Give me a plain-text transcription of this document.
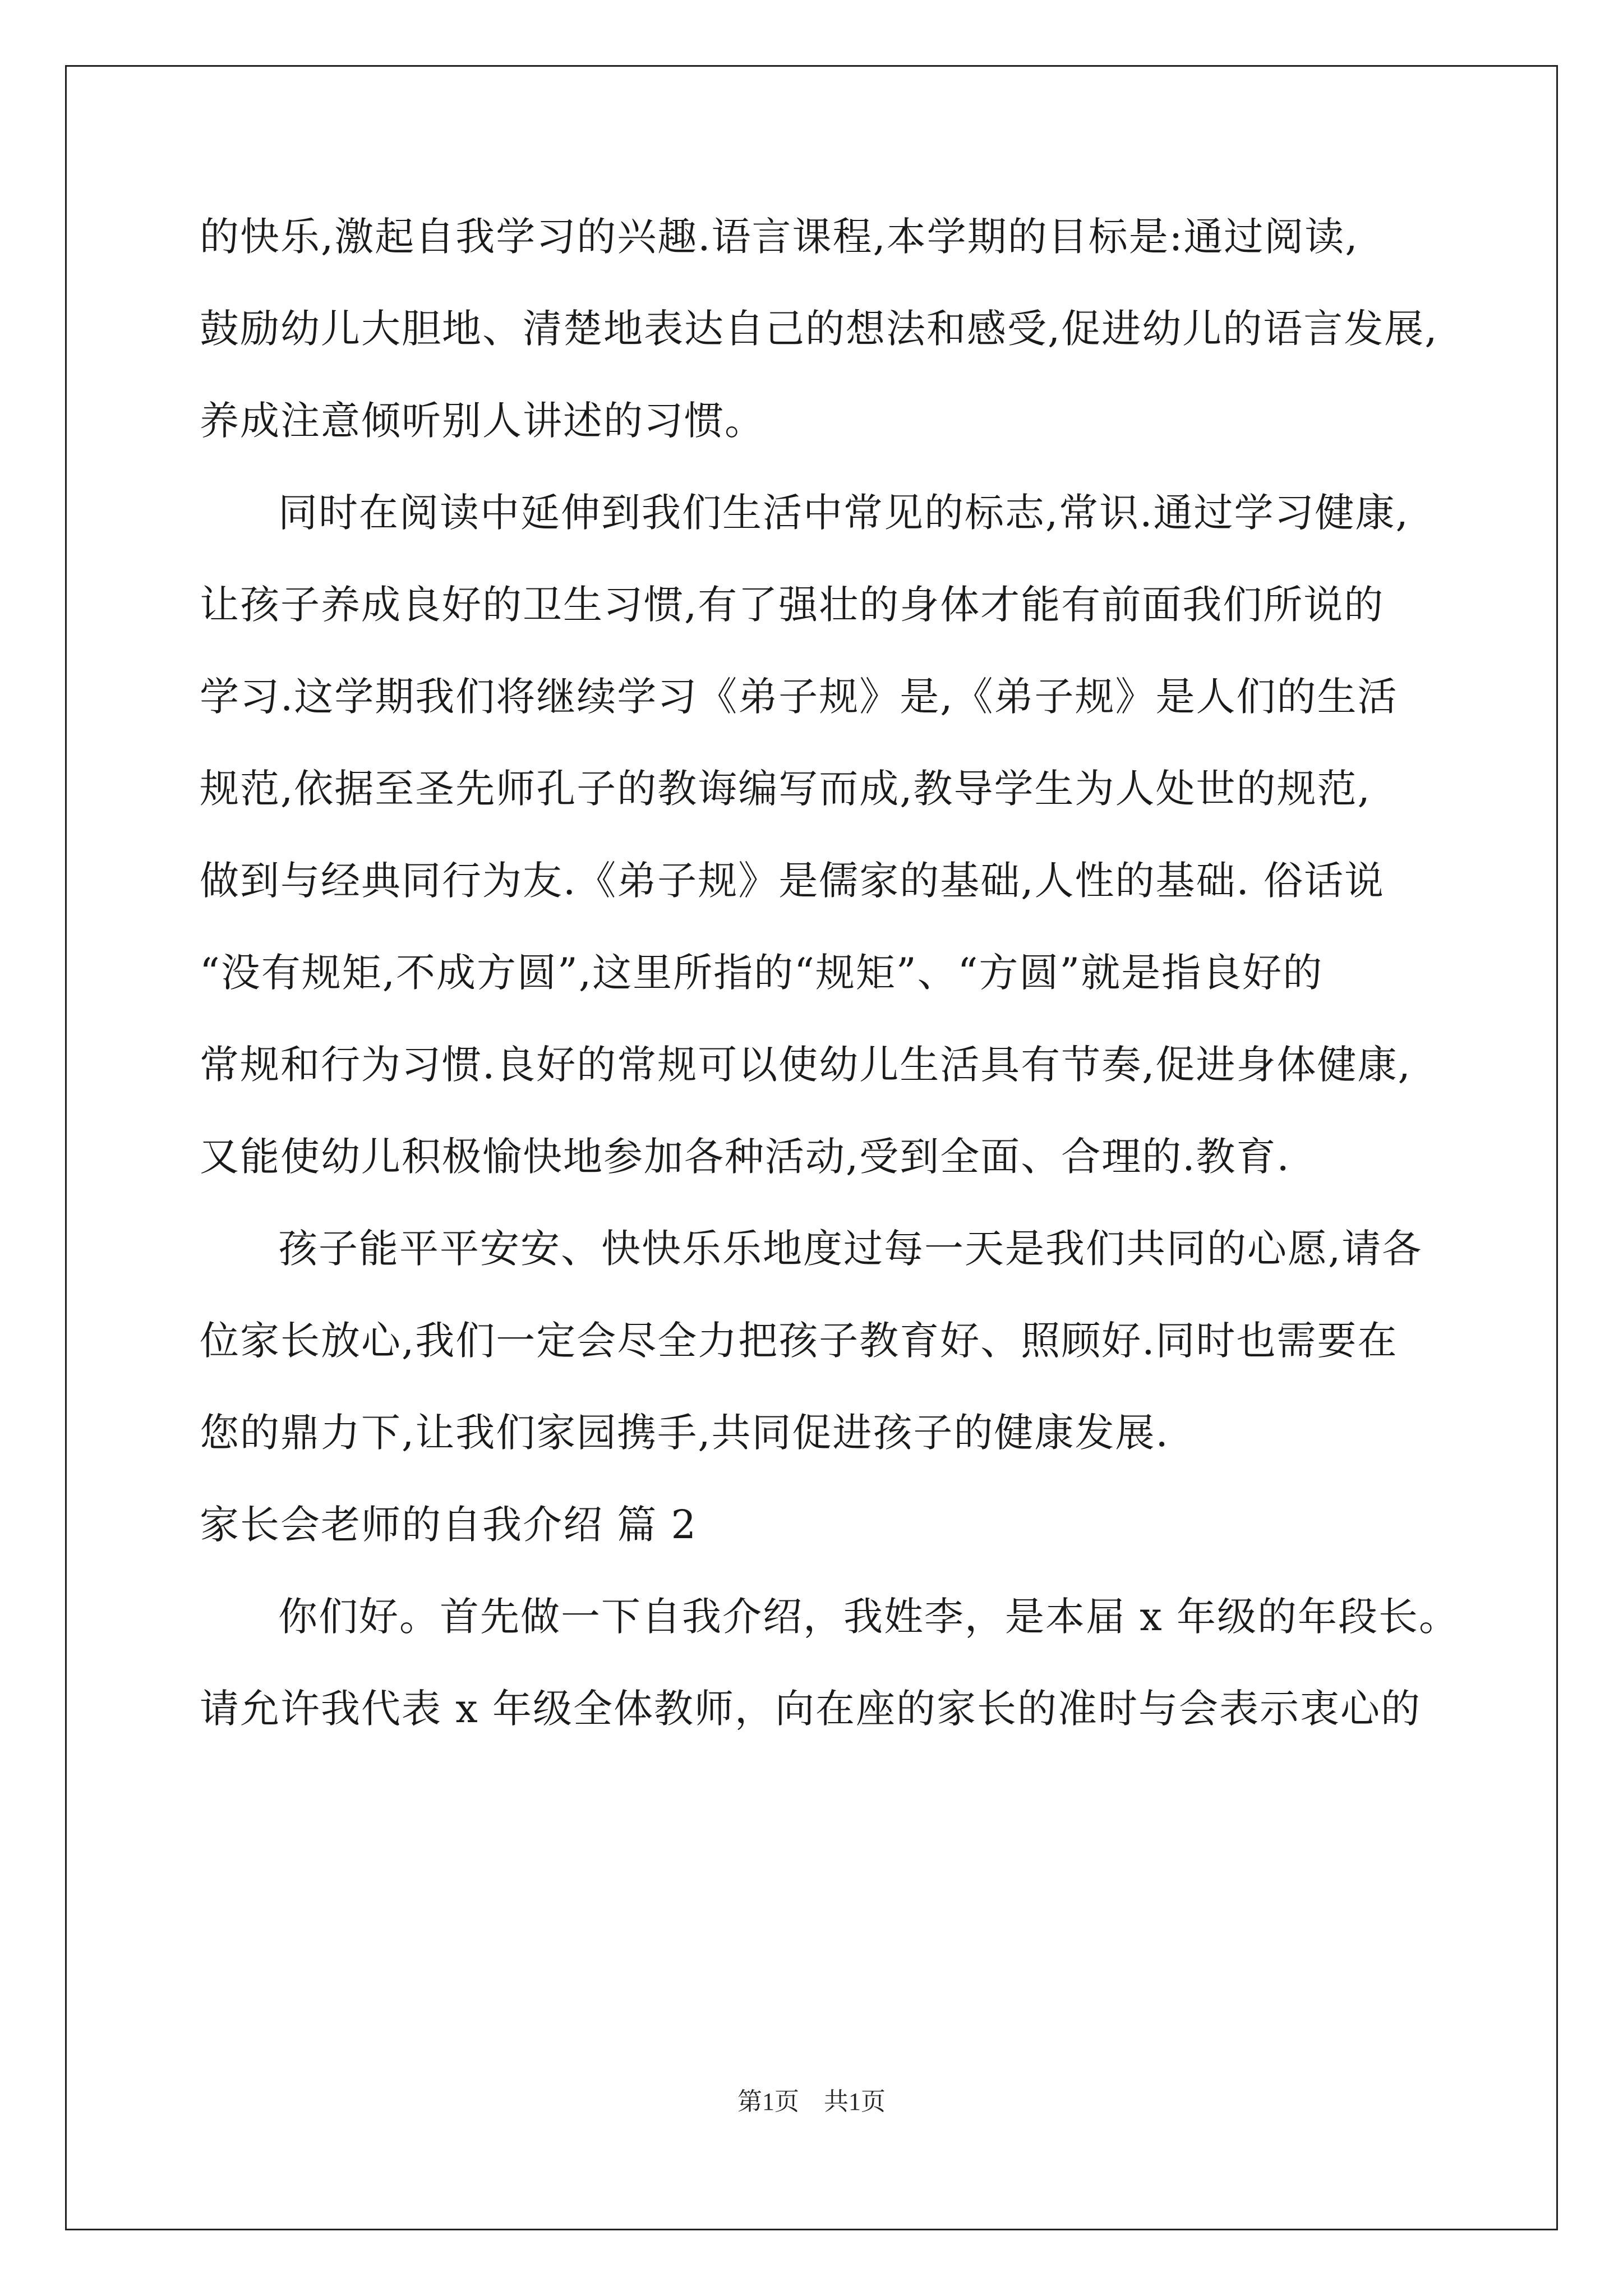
的快乐,激起自我学习的兴趣.语言课程,本学期的目标是:通过阅读,
鼓励幼儿大胆地、清楚地表达自己的想法和感受,促进幼儿的语言发展,
养成注意倾听别人讲述的习惯。
同时在阅读中延伸到我们生活中常见的标志,常识.通过学习健康,
让孩子养成良好的卫生习惯,有了强壮的身体才能有前面我们所说的
学习.这学期我们将继续学习《弟子规》是,《弟子规》是人们的生活
规范,依据至圣先师孔子的教诲编写而成,教导学生为人处世的规范,
做到与经典同行为友.《弟子规》是儒家的基础,人性的基础. 俗话说
“没有规矩,不成方圆”,这里所指的“规矩”、“方圆”就是指良好的
常规和行为习惯.良好的常规可以使幼儿生活具有节奏,促进身体健康,
又能使幼儿积极愉快地参加各种活动,受到全面、合理的.教育.
孩子能平平安安、快快乐乐地度过每一天是我们共同的心愿,请各
位家长放心,我们一定会尽全力把孩子教育好、照顾好.同时也需要在
您的鼎力下,让我们家园携手,共同促进孩子的健康发展.
家长会老师的自我介绍 篇 2
你们好。首先做一下自我介绍，我姓李，是本届 x 年级的年段长。
请允许我代表 x 年级全体教师，向在座的家长的准时与会表示衷心的
第1页　共1页
